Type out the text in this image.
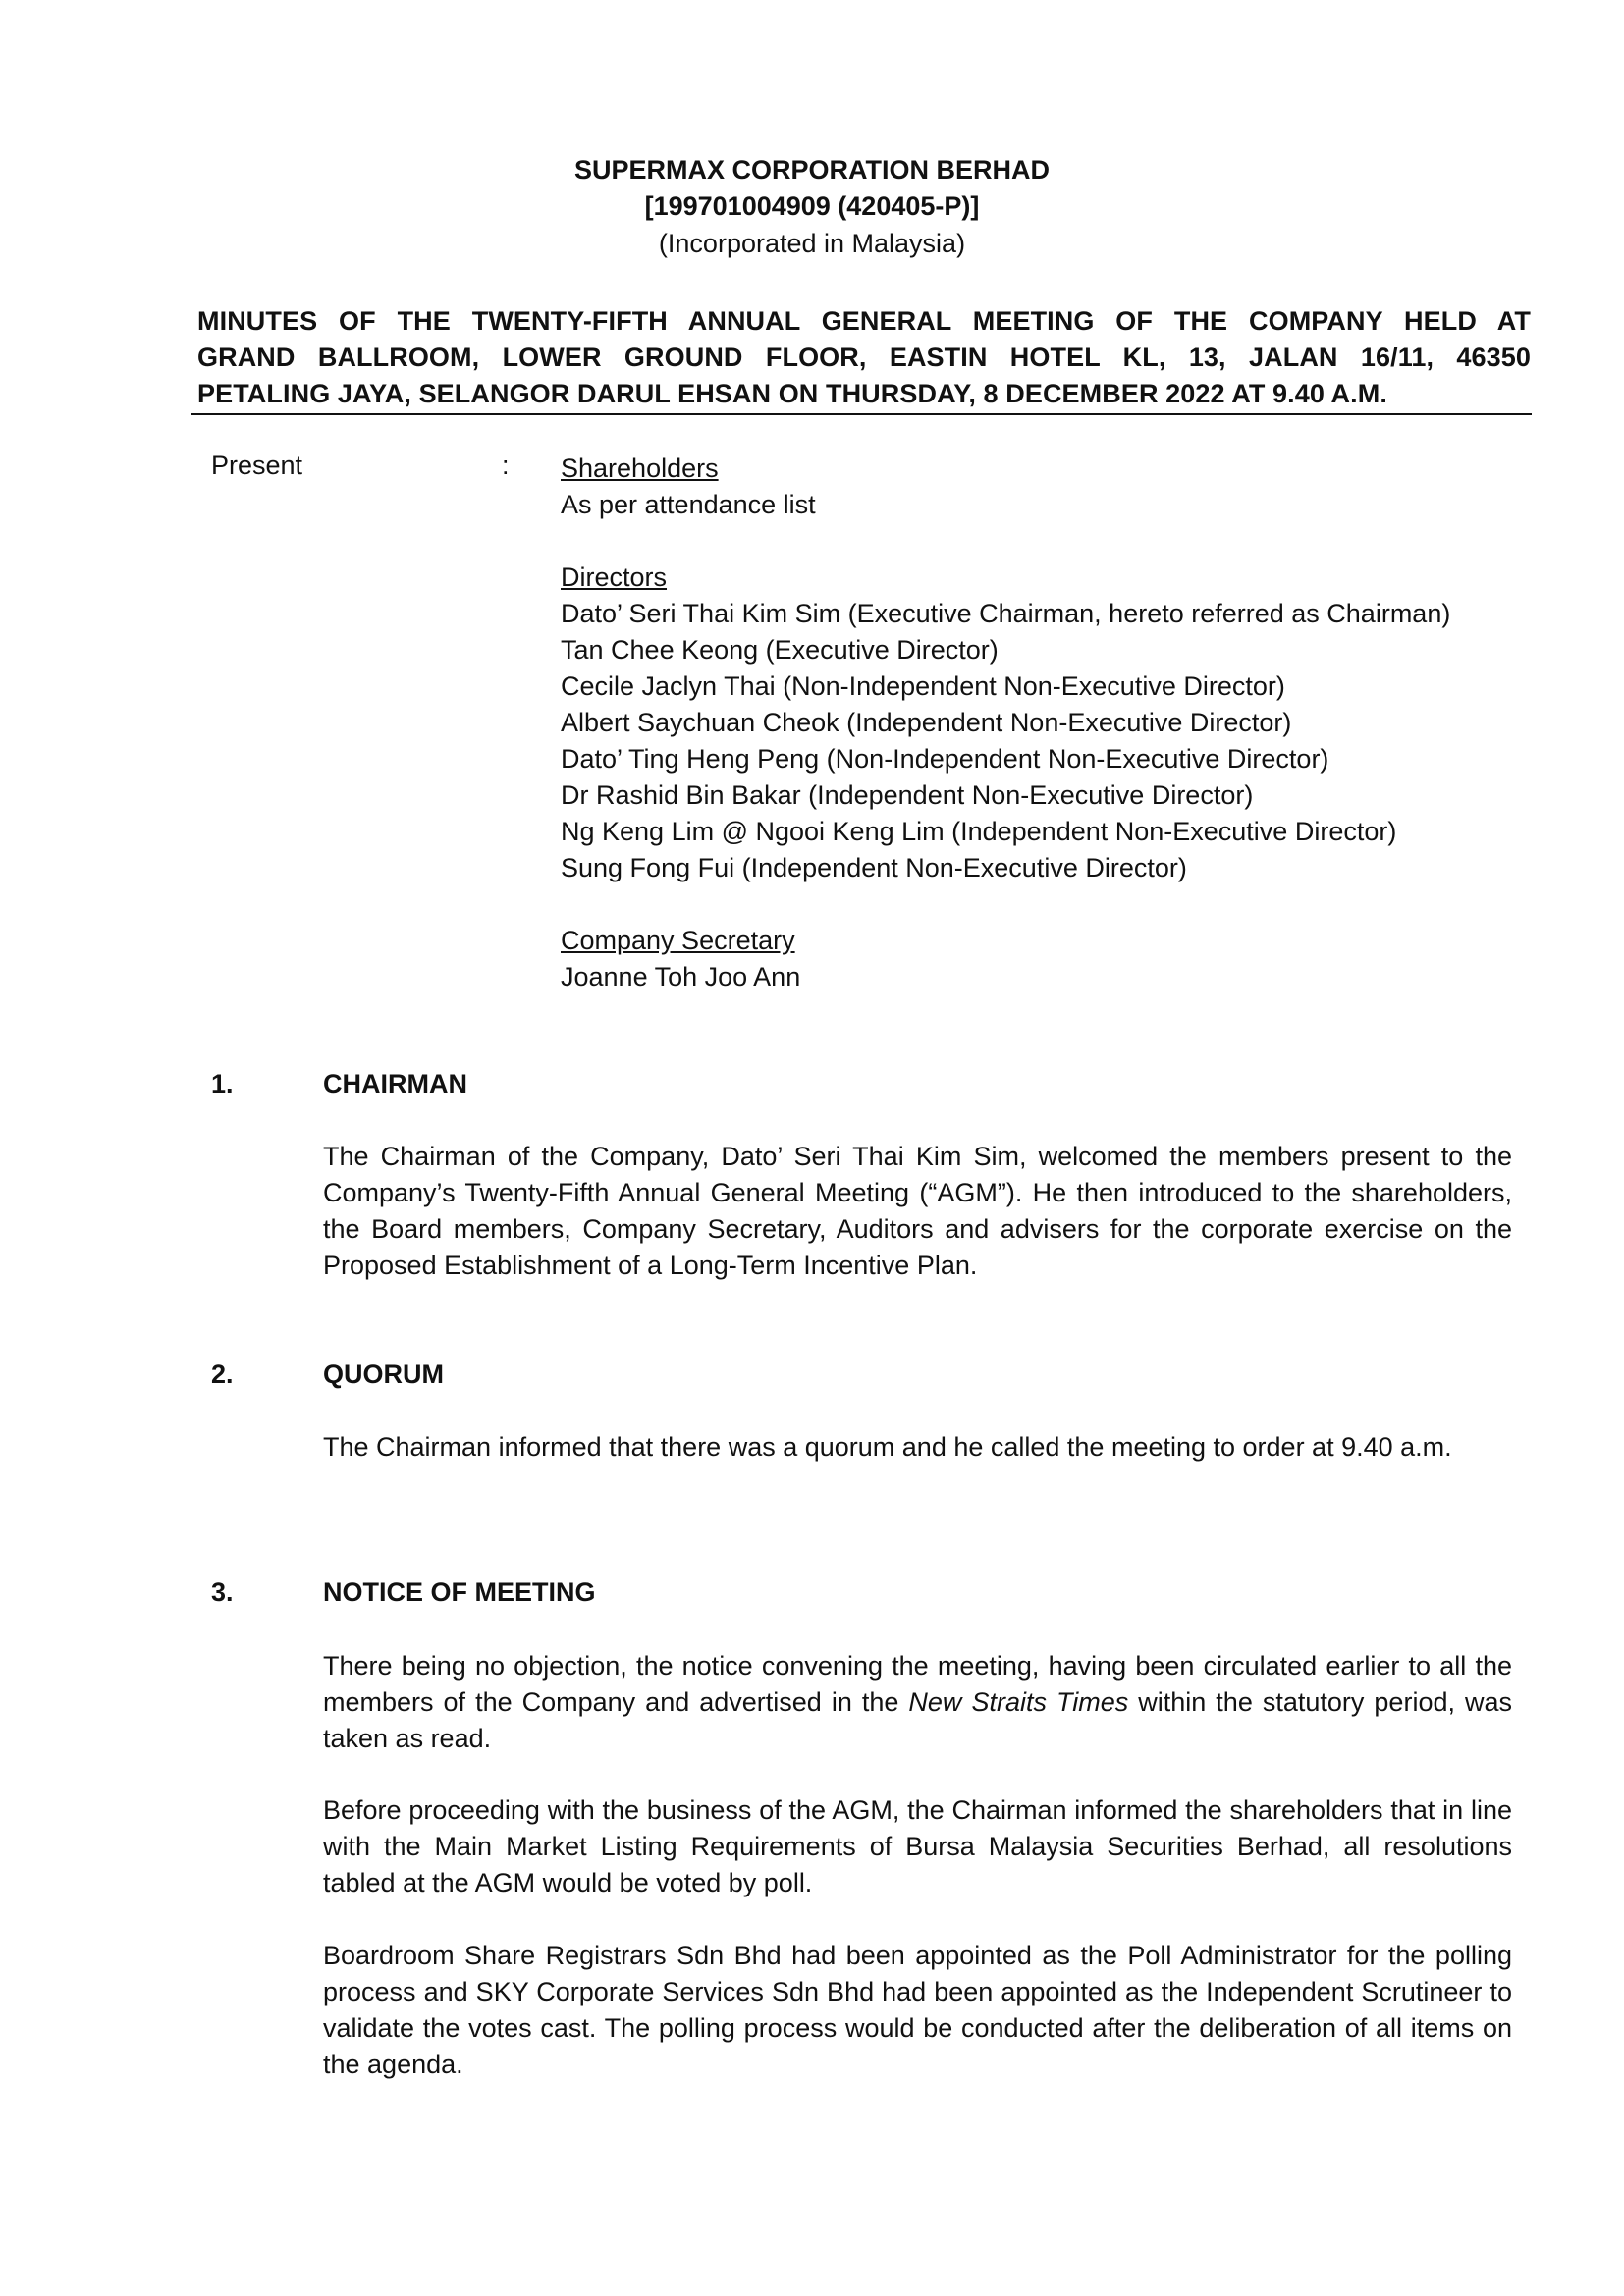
SUPERMAX CORPORATION BERHAD
[199701004909 (420405-P)]
(Incorporated in Malaysia)
MINUTES OF THE TWENTY-FIFTH ANNUAL GENERAL MEETING OF THE COMPANY HELD AT
GRAND BALLROOM, LOWER GROUND FLOOR, EASTIN HOTEL KL, 13, JALAN 16/11, 46350
PETALING JAYA, SELANGOR DARUL EHSAN ON THURSDAY, 8 DECEMBER 2022 AT 9.40 A.M.
Present	: Shareholders
As per attendance list
Directors
Dato’ Seri Thai Kim Sim (Executive Chairman, hereto referred as Chairman)
Tan Chee Keong (Executive Director)
Cecile Jaclyn Thai (Non-Independent Non-Executive Director)
Albert Saychuan Cheok (Independent Non-Executive Director)
Dato’ Ting Heng Peng (Non-Independent Non-Executive Director)
Dr Rashid Bin Bakar (Independent Non-Executive Director)
Ng Keng Lim @ Ngooi Keng Lim (Independent Non-Executive Director)
Sung Fong Fui (Independent Non-Executive Director)
Company Secretary
Joanne Toh Joo Ann
1.	CHAIRMAN
The Chairman of the Company, Dato’ Seri Thai Kim Sim, welcomed the members present to the Company’s Twenty-Fifth Annual General Meeting (“AGM”). He then introduced to the shareholders, the Board members, Company Secretary, Auditors and advisers for the corporate exercise on the Proposed Establishment of a Long-Term Incentive Plan.
2.	QUORUM
The Chairman informed that there was a quorum and he called the meeting to order at 9.40 a.m.
3.	NOTICE OF MEETING
There being no objection, the notice convening the meeting, having been circulated earlier to all the members of the Company and advertised in the New Straits Times within the statutory period, was taken as read.
Before proceeding with the business of the AGM, the Chairman informed the shareholders that in line with the Main Market Listing Requirements of Bursa Malaysia Securities Berhad, all resolutions tabled at the AGM would be voted by poll.
Boardroom Share Registrars Sdn Bhd had been appointed as the Poll Administrator for the polling process and SKY Corporate Services Sdn Bhd had been appointed as the Independent Scrutineer to validate the votes cast. The polling process would be conducted after the deliberation of all items on the agenda.
